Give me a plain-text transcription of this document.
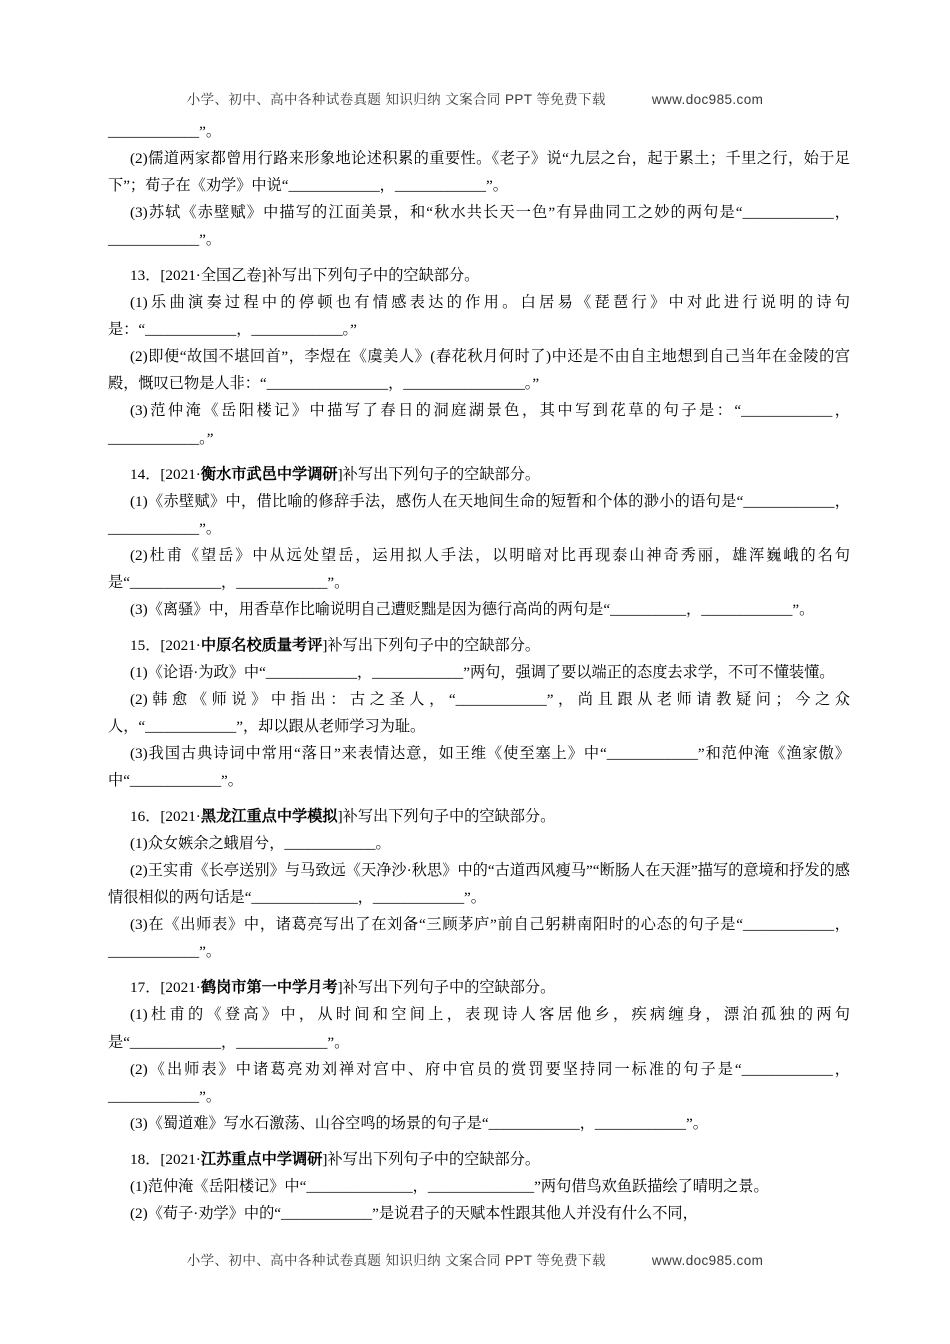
小学、初中、高中各种试卷真题 知识归纳 文案合同 PPT 等免费下载	www.doc985.com

____________”。

(2)儒道两家都曾用行路来形象地论述积累的重要性。《老子》说“九层之台，起于累土；千里之行，始于足下”；荀子在《劝学》中说“____________，____________”。

(3)苏轼《赤壁赋》中描写的江面美景，和“秋水共长天一色”有异曲同工之妙的两句是“____________，____________”。

13．[2021·全国乙卷]补写出下列句子中的空缺部分。

(1)乐曲演奏过程中的停顿也有情感表达的作用。白居易《琵琶行》中对此进行说明的诗句是：“____________，____________。”

(2)即便“故国不堪回首”，李煜在《虞美人》(春花秋月何时了)中还是不由自主地想到自己当年在金陵的宫殿，慨叹已物是人非：“________________，________________。”

(3)范仲淹《岳阳楼记》中描写了春日的洞庭湖景色，其中写到花草的句子是：“____________，____________。”

14．[2021·衡水市武邑中学调研]补写出下列句子的空缺部分。

(1)《赤壁赋》中，借比喻的修辞手法，感伤人在天地间生命的短暂和个体的渺小的语句是“____________，____________”。

(2)杜甫《望岳》中从远处望岳，运用拟人手法，以明暗对比再现泰山神奇秀丽，雄浑巍峨的名句是“____________，____________”。

(3)《离骚》中，用香草作比喻说明自己遭贬黜是因为德行高尚的两句是“__________，____________”。

15．[2021·中原名校质量考评]补写出下列句子中的空缺部分。

(1)《论语·为政》中“____________，____________”两句，强调了要以端正的态度去求学，不可不懂装懂。

(2)韩愈《师说》中指出：古之圣人，“____________”，尚且跟从老师请教疑问；今之众人，“____________”，却以跟从老师学习为耻。

(3)我国古典诗词中常用“落日”来表情达意，如王维《使至塞上》中“____________”和范仲淹《渔家傲》中“____________”。

16．[2021·黑龙江重点中学模拟]补写出下列句子中的空缺部分。

(1)众女嫉余之蛾眉兮，____________。

(2)王实甫《长亭送别》与马致远《天净沙·秋思》中的“古道西风瘦马”“断肠人在天涯”描写的意境和抒发的感情很相似的两句话是“______________，____________”。

(3)在《出师表》中，诸葛亮写出了在刘备“三顾茅庐”前自己躬耕南阳时的心态的句子是“____________，____________”。

17．[2021·鹤岗市第一中学月考]补写出下列句子中的空缺部分。

(1)杜甫的《登高》中，从时间和空间上，表现诗人客居他乡，疾病缠身，漂泊孤独的两句是“____________，____________”。

(2)《出师表》中诸葛亮劝刘禅对宫中、府中官员的赏罚要坚持同一标准的句子是“____________，____________”。

(3)《蜀道难》写水石激荡、山谷空鸣的场景的句子是“____________，____________”。

18．[2021·江苏重点中学调研]补写出下列句子中的空缺部分。

(1)范仲淹《岳阳楼记》中“______________，______________”两句借鸟欢鱼跃描绘了晴明之景。

(2)《荀子·劝学》中的“____________”是说君子的天赋本性跟其他人并没有什么不同，

小学、初中、高中各种试卷真题 知识归纳 文案合同 PPT 等免费下载	www.doc985.com
